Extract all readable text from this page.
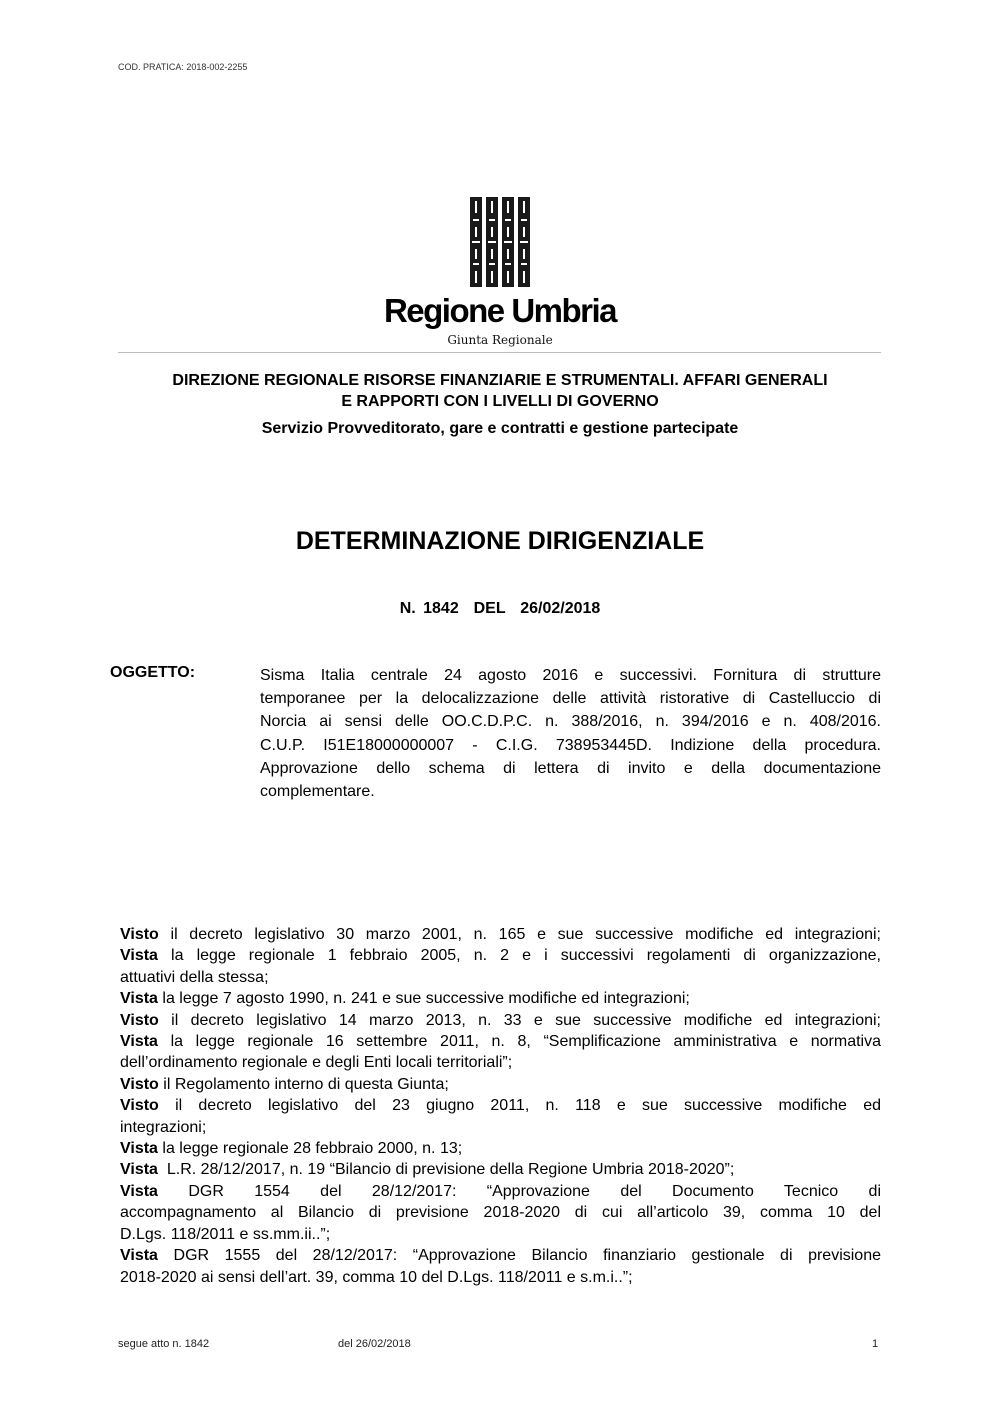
COD. PRATICA: 2018-002-2255
Regione Umbria
Giunta Regionale
DIREZIONE REGIONALE RISORSE FINANZIARIE E STRUMENTALI. AFFARI GENERALI
E RAPPORTI CON I LIVELLI DI GOVERNO
Servizio Provveditorato, gare e contratti e gestione partecipate
DETERMINAZIONE DIRIGENZIALE
N. 1842  DEL  26/02/2018
OGGETTO:	Sisma Italia centrale 24 agosto 2016 e successivi. Fornitura di strutture
temporanee per la delocalizzazione delle attività ristorative di Castelluccio di
Norcia ai sensi delle OO.C.D.P.C. n. 388/2016, n. 394/2016 e n. 408/2016.
C.U.P. I51E18000000007 - C.I.G. 738953445D. Indizione della procedura.
Approvazione dello schema di lettera di invito e della documentazione
complementare.
Visto il decreto legislativo 30 marzo 2001, n. 165 e sue successive modifiche ed integrazioni;
Vista la legge regionale 1 febbraio 2005, n. 2 e i successivi regolamenti di organizzazione,
attuativi della stessa;
Vista la legge 7 agosto 1990, n. 241 e sue successive modifiche ed integrazioni;
Visto il decreto legislativo 14 marzo 2013, n. 33 e sue successive modifiche ed integrazioni;
Vista la legge regionale 16 settembre 2011, n. 8, “Semplificazione amministrativa e normativa
dell’ordinamento regionale e degli Enti locali territoriali”;
Visto il Regolamento interno di questa Giunta;
Visto il decreto legislativo del 23 giugno 2011, n. 118 e sue successive modifiche ed
integrazioni;
Vista la legge regionale 28 febbraio 2000, n. 13;
Vista  L.R. 28/12/2017, n. 19 “Bilancio di previsione della Regione Umbria 2018-2020”;
Vista DGR 1554 del 28/12/2017: “Approvazione del Documento Tecnico di
accompagnamento al Bilancio di previsione 2018-2020 di cui all’articolo 39, comma 10 del
D.Lgs. 118/2011 e ss.mm.ii..”;
Vista DGR 1555 del 28/12/2017: “Approvazione Bilancio finanziario gestionale di previsione
2018-2020 ai sensi dell’art. 39, comma 10 del D.Lgs. 118/2011 e s.m.i..”;
segue atto n. 1842	del 26/02/2018	1
